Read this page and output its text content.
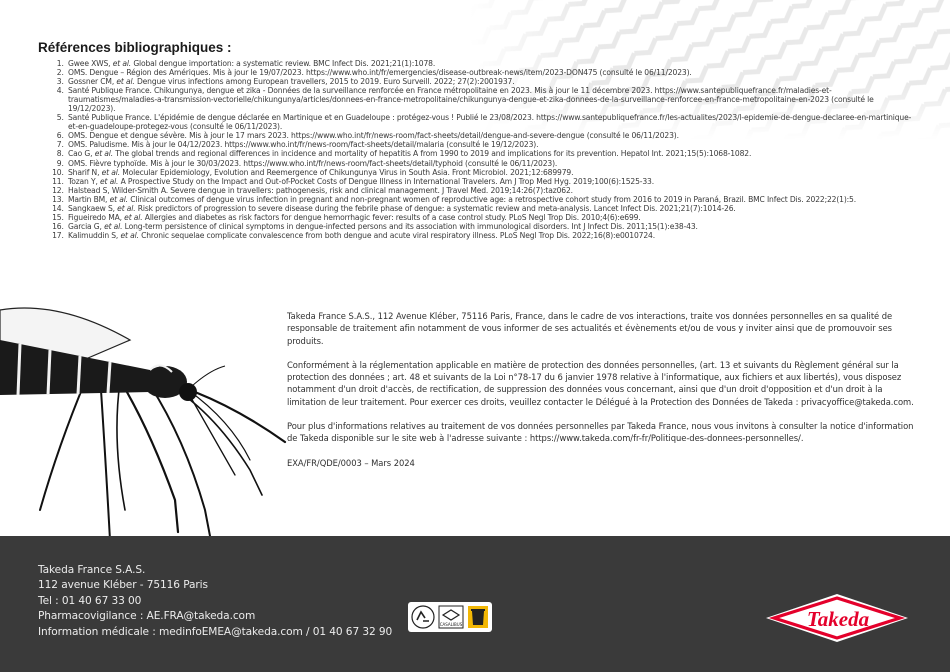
Références bibliographiques :
1. Gwee XWS, et al. Global dengue importation: a systematic review. BMC Infect Dis. 2021;21(1):1078.
2. OMS. Dengue – Région des Amériques. Mis à jour le 19/07/2023. https://www.who.int/fr/emergencies/disease-outbreak-news/item/2023-DON475 (consulté le 06/11/2023).
3. Gossner CM, et al. Dengue virus infections among European travellers, 2015 to 2019. Euro Surveill. 2022; 27(2):2001937.
4. Santé Publique France. Chikungunya, dengue et zika - Données de la surveillance renforcée en France métropolitaine en 2023. Mis à jour le 11 décembre 2023. https://www.santepubliquefrance.fr/maladies-et-traumatismes/maladies-a-transmission-vectorielle/chikungunya/articles/donnees-en-france-metropolitaine/chikungunya-dengue-et-zika-donnees-de-la-surveillance-renforcee-en-france-metropolitaine-en-2023 (consulté le 19/12/2023).
5. Santé Publique France. L'épidémie de dengue déclarée en Martinique et en Guadeloupe : protégez-vous ! Publié le 23/08/2023. https://www.santepubliquefrance.fr/les-actualites/2023/l-epidemie-de-dengue-declaree-en-martinique-et-en-guadeloupe-protegez-vous (consulté le 06/11/2023).
6. OMS. Dengue et dengue sévère. Mis à jour le 17 mars 2023. https://www.who.int/fr/news-room/fact-sheets/detail/dengue-and-severe-dengue (consulté le 06/11/2023).
7. OMS. Paludisme. Mis à jour le 04/12/2023. https://www.who.int/fr/news-room/fact-sheets/detail/malaria (consulté le 19/12/2023).
8. Cao G, et al. The global trends and regional differences in incidence and mortality of hepatitis A from 1990 to 2019 and implications for its prevention. Hepatol Int. 2021;15(5):1068-1082.
9. OMS. Fièvre typhoïde. Mis à jour le 30/03/2023. https://www.who.int/fr/news-room/fact-sheets/detail/typhoid (consulté le 06/11/2023).
10. Sharif N, et al. Molecular Epidemiology, Evolution and Reemergence of Chikungunya Virus in South Asia. Front Microbiol. 2021;12:689979.
11. Tozan Y, et al. A Prospective Study on the Impact and Out-of-Pocket Costs of Dengue Illness in International Travelers. Am J Trop Med Hyg. 2019;100(6):1525-33.
12. Halstead S, Wilder-Smith A. Severe dengue in travellers: pathogenesis, risk and clinical management. J Travel Med. 2019;14:26(7):taz062.
13. Martin BM, et al. Clinical outcomes of dengue virus infection in pregnant and non-pregnant women of reproductive age: a retrospective cohort study from 2016 to 2019 in Paraná, Brazil. BMC Infect Dis. 2022;22(1):5.
14. Sangkaew S, et al. Risk predictors of progression to severe disease during the febrile phase of dengue: a systematic review and meta-analysis. Lancet Infect Dis. 2021;21(7):1014-26.
15. Figueiredo MA, et al. Allergies and diabetes as risk factors for dengue hemorrhagic fever: results of a case control study. PLoS Negl Trop Dis. 2010;4(6):e699.
16. Garcia G, et al. Long-term persistence of clinical symptoms in dengue-infected persons and its association with immunological disorders. Int J Infect Dis. 2011;15(1):e38-43.
17. Kalimuddin S, et al. Chronic sequelae complicate convalescence from both dengue and acute viral respiratory illness. PLoS Negl Trop Dis. 2022;16(8):e0010724.

Takeda France S.A.S., 112 Avenue Kléber, 75116 Paris, France, dans le cadre de vos interactions, traite vos données personnelles en sa qualité de responsable de traitement afin notamment de vous informer de ses actualités et évènements et/ou de vous y inviter ainsi que de promouvoir ses produits.

Conformément à la réglementation applicable en matière de protection des données personnelles, (art. 13 et suivants du Règlement général sur la protection des données ; art. 48 et suivants de la Loi n°78-17 du 6 janvier 1978 relative à l'informatique, aux fichiers et aux libertés), vous disposez notamment d'un droit d'accès, de rectification, de suppression des données vous concernant, ainsi que d'un droit d'opposition et d'un droit à la limitation de leur traitement. Pour exercer ces droits, veuillez contacter le Délégué à la Protection des Données de Takeda : privacyoffice@takeda.com.

Pour plus d'informations relatives au traitement de vos données personnelles par Takeda France, nous vous invitons à consulter la notice d'information de Takeda disponible sur le site web à l'adresse suivante : https://www.takeda.com/fr-fr/Politique-des-donnees-personnelles/.

EXA/FR/QDE/0003 – Mars 2024
Takeda France S.A.S.
112 avenue Kléber - 75116 Paris
Tel : 01 40 67 33 00
Pharmacovigilance : AE.FRA@takeda.com
Information médicale : medinfoEMEA@takeda.com / 01 40 67 32 90
CASALIBUS	Takeda
